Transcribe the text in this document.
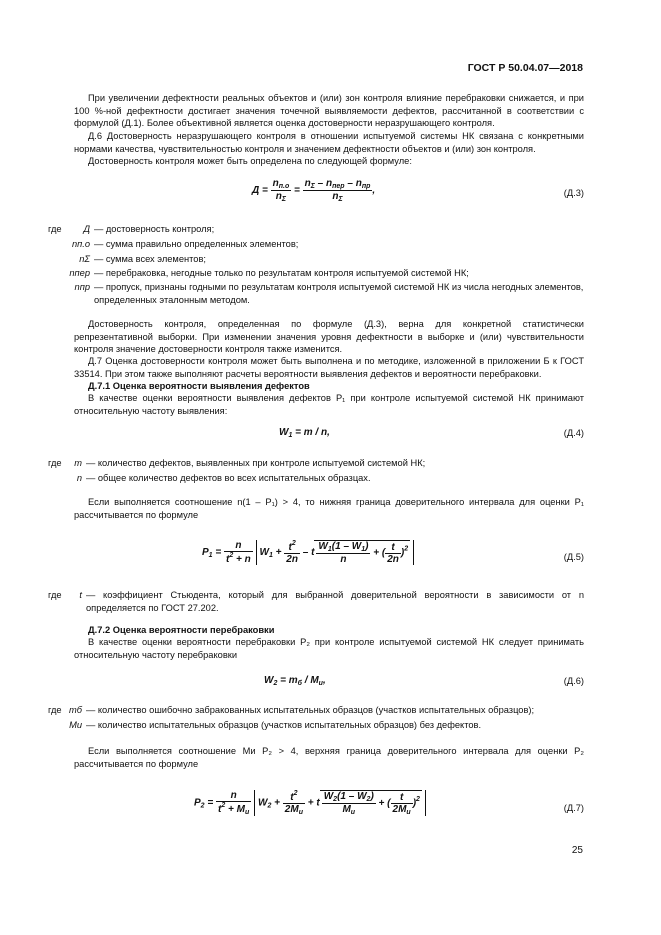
ГОСТ Р 50.04.07—2018

При увеличении дефектности реальных объектов и (или) зон контроля влияние перебраковки снижается, и при 100 %-ной дефектности достигает значения точечной выявляемости дефектов, рассчитанной в соответствии с формулой (Д.1). Более объективной является оценка достоверности неразрушающего контроля.

Д.6 Достоверность неразрушающего контроля в отношении испытуемой системы НК связана с конкретными нормами качества, чувствительностью контроля и значением дефектности объектов и (или) зон контроля.

Достоверность контроля может быть определена по следующей формуле:

$Д = \frac{n_{п.о}}{n_\Sigma} = \frac{n_\Sigma - n_{пер} - n_{пр}}{n_\Sigma}$ ,	(Д.3)
где	Д — достоверность контроля;
nп.о — сумма правильно определенных элементов;
nΣ — сумма всех элементов;
nпер — перебраковка, негодные только по результатам контроля испытуемой системой НК;
nпр — пропуск, признаны годными по результатам контроля испытуемой системой НК из числа негодных элементов, определенных эталонным методом.

Достоверность контроля, определенная по формуле (Д.3), верна для конкретной статистически репрезентативной выборки. При изменении значения уровня дефектности в выборке и (или) чувствительности контроля значение достоверности контроля также изменится.

Д.7 Оценка достоверности контроля может быть выполнена и по методике, изложенной в приложении Б к ГОСТ 33514. При этом также выполняют расчеты вероятности выявления дефектов и вероятности перебраковки.

Д.7.1 Оценка вероятности выявления дефектов

В качестве оценки вероятности выявления дефектов P₁ при контроле испытуемой системой НК принимают относительную частоту выявления:

$W_1 = m / n$,	(Д.4)
где	m — количество дефектов, выявленных при контроле испытуемой системой НК;
n — общее количество дефектов во всех испытательных образцах.

Если выполняется соотношение n(1 – P₁) > 4, то нижняя граница доверительного интервала для оценки P₁ рассчитывается по формуле

$P_1 = \frac{n}{t^2 + n} W_1 + \frac{t^2}{2n} - t \frac{W_1(1 - W_1)}{n}$ + ( $\frac{t}{2n} )^2$
(Д.5)
где	t — коэффициент Стьюдента, который для выбранной доверительной вероятности в зависимости от n определяется по ГОСТ 27.202.

Д.7.2 Оценка вероятности перебраковки

В качестве оценки вероятности перебраковки P₂ при контроле испытуемой системой НК следует принимать относительную частоту перебраковки

$W_2 = m_б / M_и$,	(Д.6)
где mб — количество ошибочно забракованных испытательных образцов (участков испытательных образцов);
Mи — количество испытательных образцов (участков испытательных образцов) без дефектов.

Если выполняется соотношение Mи P₂ > 4, верхняя граница доверительного интервала для оценки P₂ рассчитывается по формуле

$P_2 = \frac{n}{t^2 + M_и} W_2 + \frac{t^2}{2M_и} + t \frac{W_2(1 - W_2)}{M_и}$ + ( $\frac{t}{2M_и} )^2$
(Д.7)
25
